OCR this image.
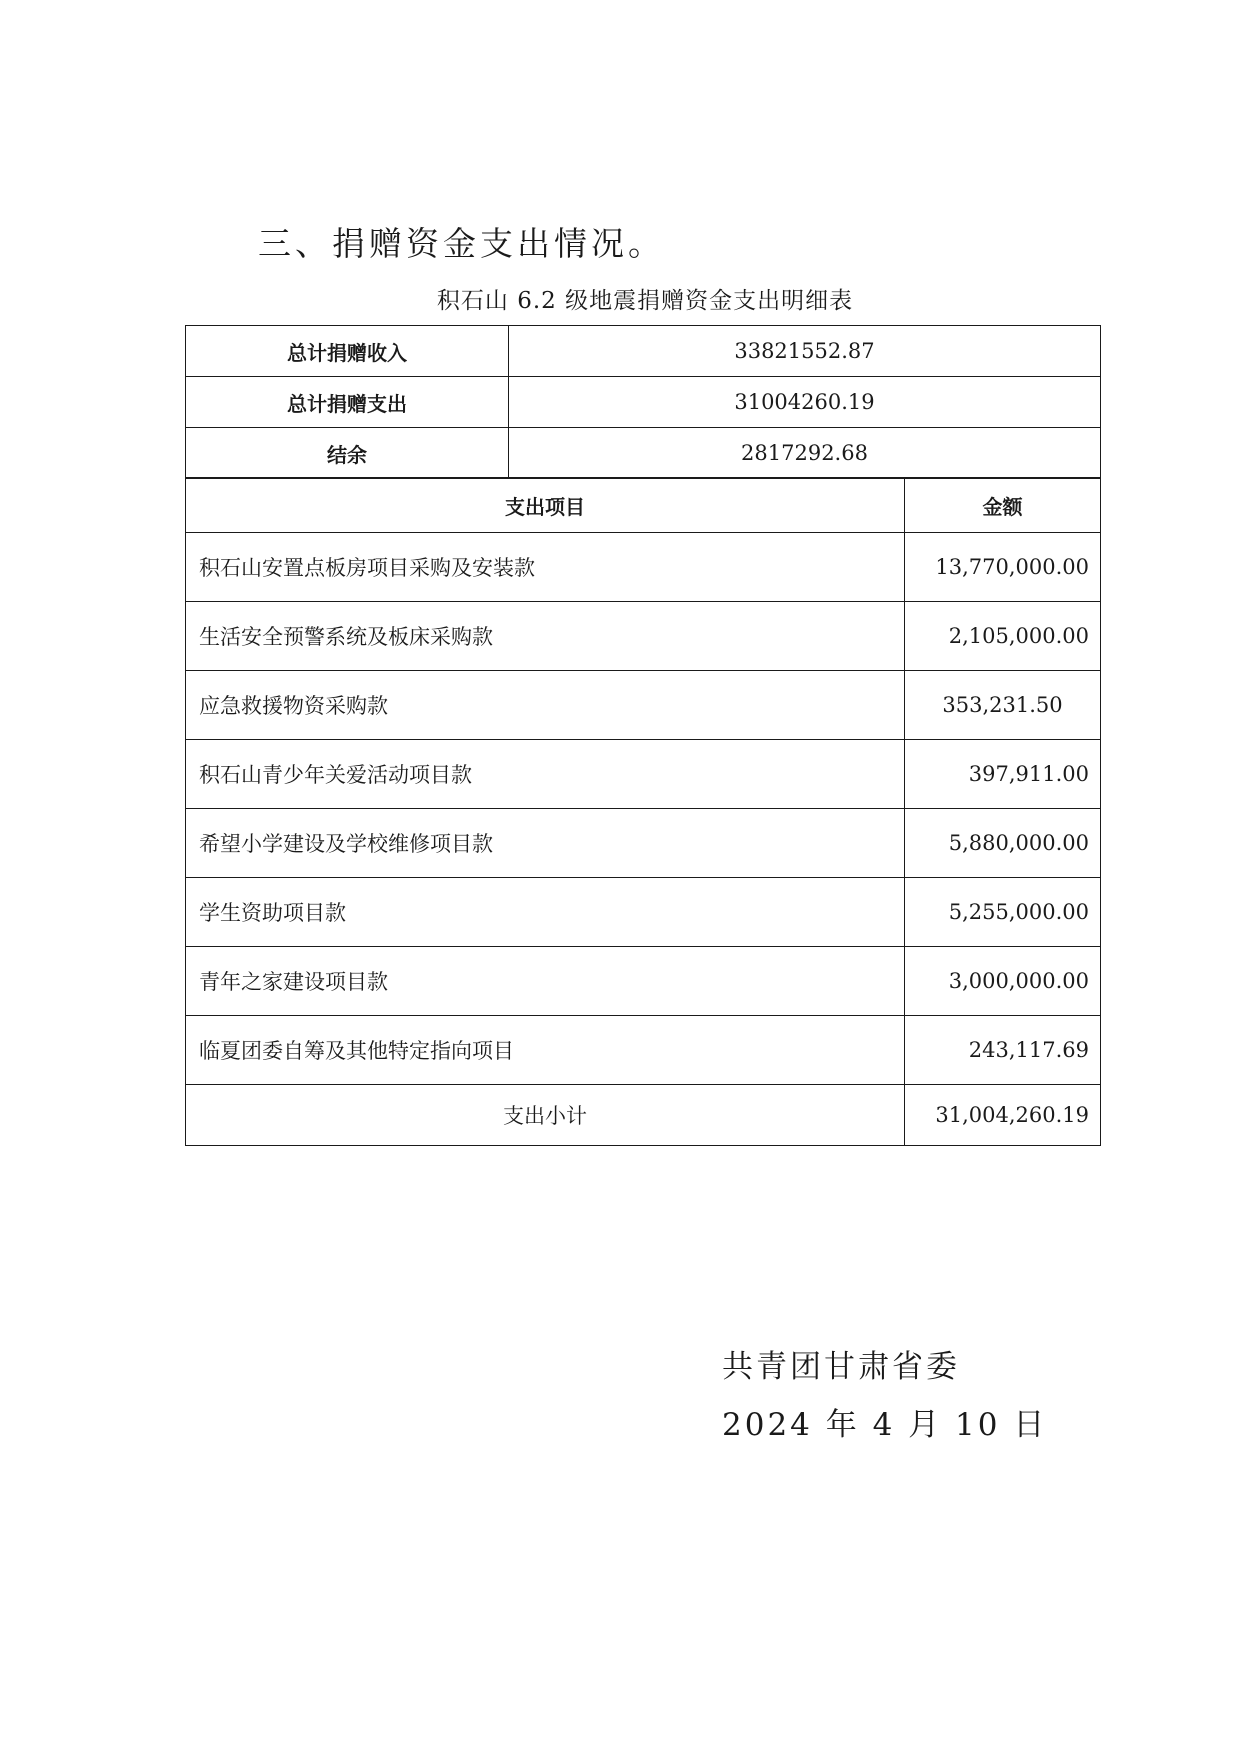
三、捐赠资金支出情况。
积石山 6.2 级地震捐赠资金支出明细表
总计捐赠收入	33821552.87
总计捐赠支出	31004260.19
结余	2817292.68
支出项目	金额
积石山安置点板房项目采购及安装款	13,770,000.00
生活安全预警系统及板床采购款	2,105,000.00
应急救援物资采购款	353,231.50
积石山青少年关爱活动项目款	397,911.00
希望小学建设及学校维修项目款	5,880,000.00
学生资助项目款	5,255,000.00
青年之家建设项目款	3,000,000.00
临夏团委自筹及其他特定指向项目	243,117.69
支出小计	31,004,260.19
共青团甘肃省委
2024 年 4 月 10 日
